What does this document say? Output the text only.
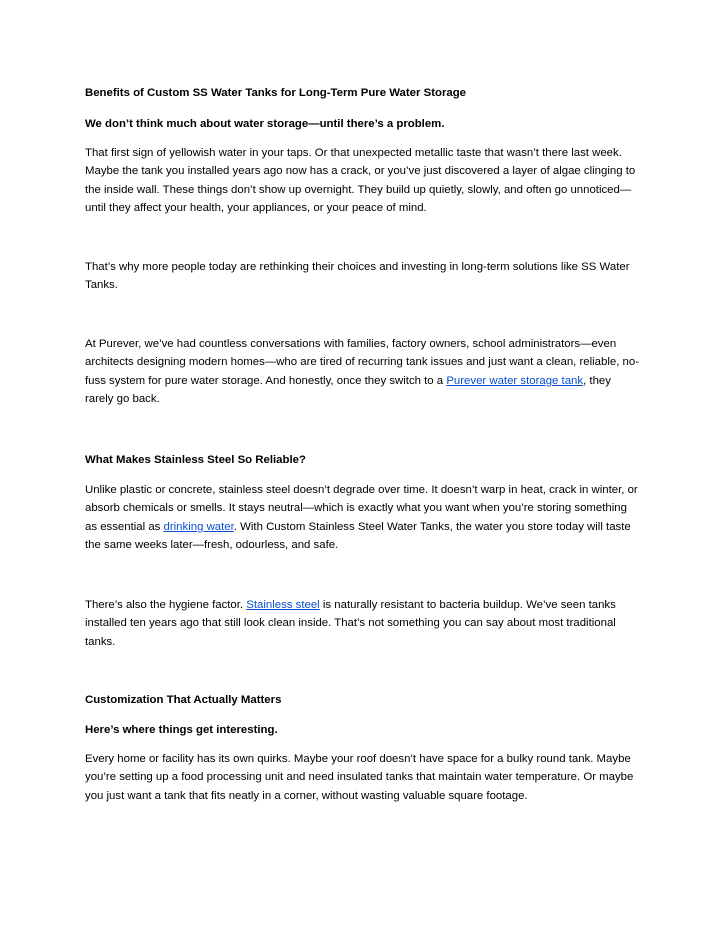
Benefits of Custom SS Water Tanks for Long-Term Pure Water Storage

We don’t think much about water storage—until there’s a problem.

That first sign of yellowish water in your taps. Or that unexpected metallic taste that wasn’t there last week. Maybe the tank you installed years ago now has a crack, or you’ve just discovered a layer of algae clinging to the inside wall. These things don’t show up overnight. They build up quietly, slowly, and often go unnoticed—until they affect your health, your appliances, or your peace of mind.

That’s why more people today are rethinking their choices and investing in long-term solutions like SS Water Tanks.

At Purever, we’ve had countless conversations with families, factory owners, school administrators—even architects designing modern homes—who are tired of recurring tank issues and just want a clean, reliable, no-fuss system for pure water storage. And honestly, once they switch to a Purever water storage tank, they rarely go back.

What Makes Stainless Steel So Reliable?

Unlike plastic or concrete, stainless steel doesn’t degrade over time. It doesn’t warp in heat, crack in winter, or absorb chemicals or smells. It stays neutral—which is exactly what you want when you’re storing something as essential as drinking water. With Custom Stainless Steel Water Tanks, the water you store today will taste the same weeks later—fresh, odourless, and safe.

There’s also the hygiene factor. Stainless steel is naturally resistant to bacteria buildup. We’ve seen tanks installed ten years ago that still look clean inside. That’s not something you can say about most traditional tanks.

Customization That Actually Matters

Here’s where things get interesting.

Every home or facility has its own quirks. Maybe your roof doesn’t have space for a bulky round tank. Maybe you’re setting up a food processing unit and need insulated tanks that maintain water temperature. Or maybe you just want a tank that fits neatly in a corner, without wasting valuable square footage.
